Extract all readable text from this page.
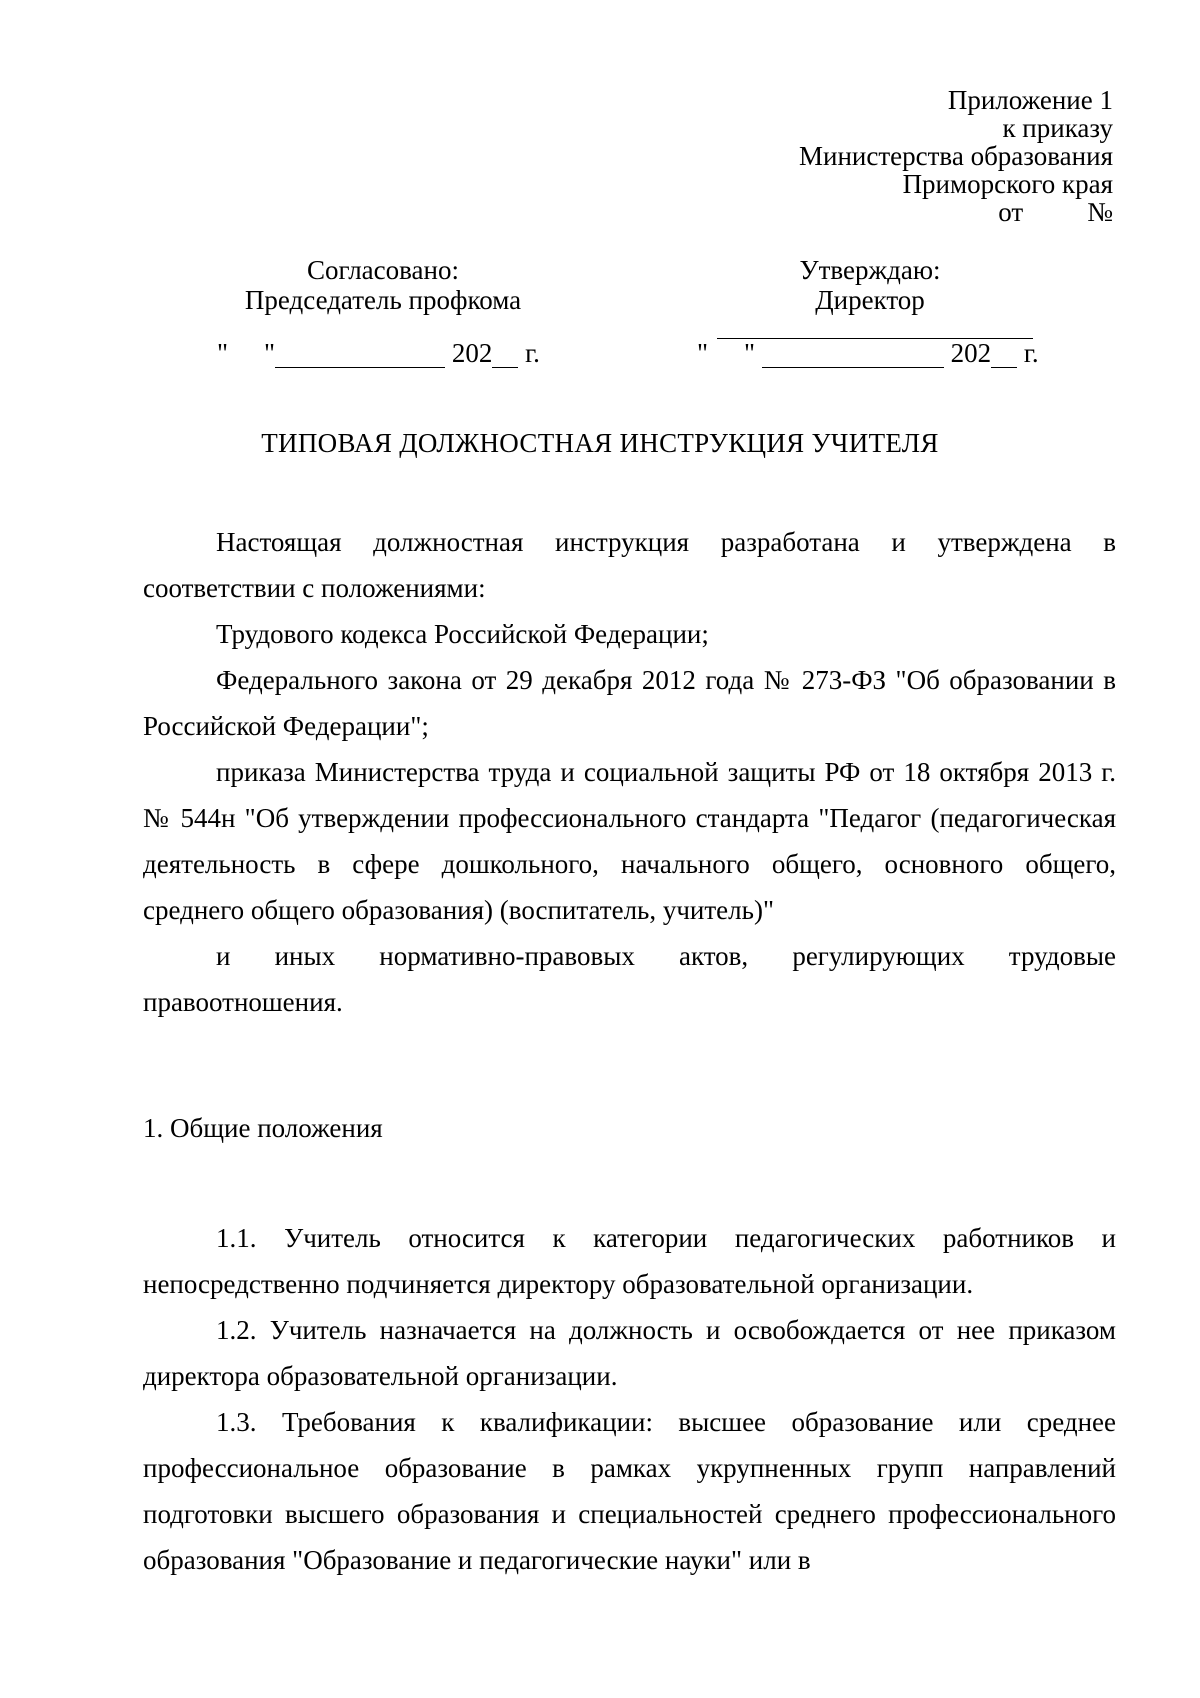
Приложение 1
к приказу
Министерства образования
Приморского края
от №
Согласовано:
Председатель профкома
Утверждаю:
Директор
" "	202 г.	" "	202 г.
ТИПОВАЯ ДОЛЖНОСТНАЯ ИНСТРУКЦИЯ УЧИТЕЛЯ

Настоящая должностная инструкция разработана и утверждена в соответствии с положениями:

Трудового кодекса Российской Федерации;

Федерального закона от 29 декабря 2012 года № 273-ФЗ "Об образовании в Российской Федерации";

приказа Министерства труда и социальной защиты РФ от 18 октября 2013 г. № 544н "Об утверждении профессионального стандарта "Педагог (педагогическая деятельность в сфере дошкольного, начального общего, основного общего, среднего общего образования) (воспитатель, учитель)"

и иных нормативно-правовых актов, регулирующих трудовые правоотношения.

1. Общие положения

1.1. Учитель относится к категории педагогических работников и непосредственно подчиняется директору образовательной организации.

1.2. Учитель назначается на должность и освобождается от нее приказом директора образовательной организации.

1.3. Требования к квалификации: высшее образование или среднее профессиональное образование в рамках укрупненных групп направлений подготовки высшего образования и специальностей среднего профессионального образования "Образование и педагогические науки" или в
